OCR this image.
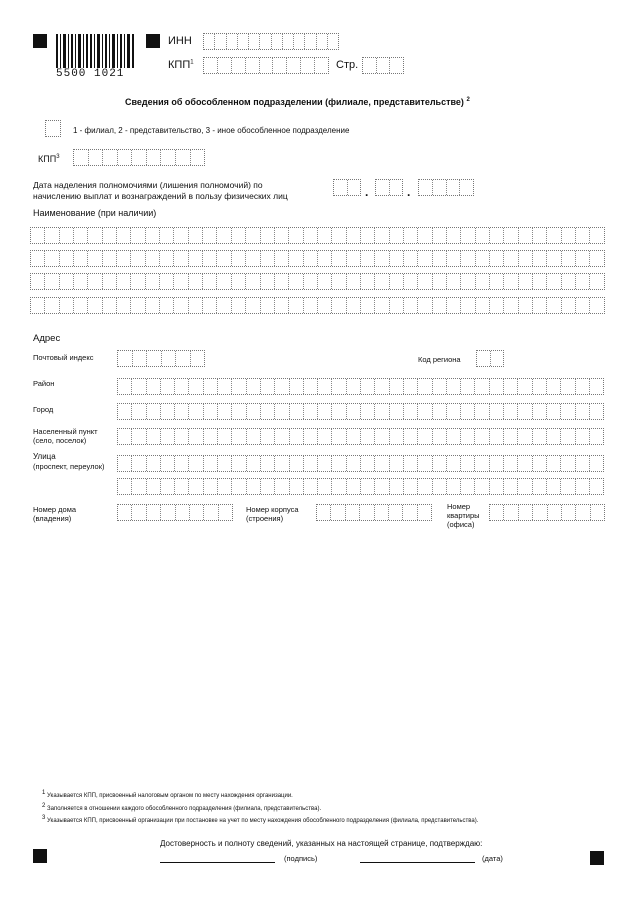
5500 1021
ИНН
КПП$^1$	Стр.
Сведения об обособленном подразделении (филиале, представительстве) $^2$
1 - филиал, 2 - представительство, 3 - иное обособленное подразделение
КПП$^3$
Дата наделения полномочиями (лишения полномочий) по
начислению выплат и вознаграждений в пользу физических лиц	.	.
Наименование (при наличии)
Адрес
Почтовый индекс	Код региона
Район
Город
Населенный пункт
(село, поселок)
Улица
(проспект, переулок)
Номер дома
(владения)
Номер корпуса
(строения)
Номер
квартиры
(офиса)
1 Указывается КПП, присвоенный налоговым органом по месту нахождения организации.
2 Заполняется в отношении каждого обособленного подразделения (филиала, представительства).
3 Указывается КПП, присвоенный организации при постановке на учет по месту нахождения обособленного подразделения (филиала, представительства).
Достоверность и полноту сведений, указанных на настоящей странице, подтверждаю:
(подпись)	(дата)
